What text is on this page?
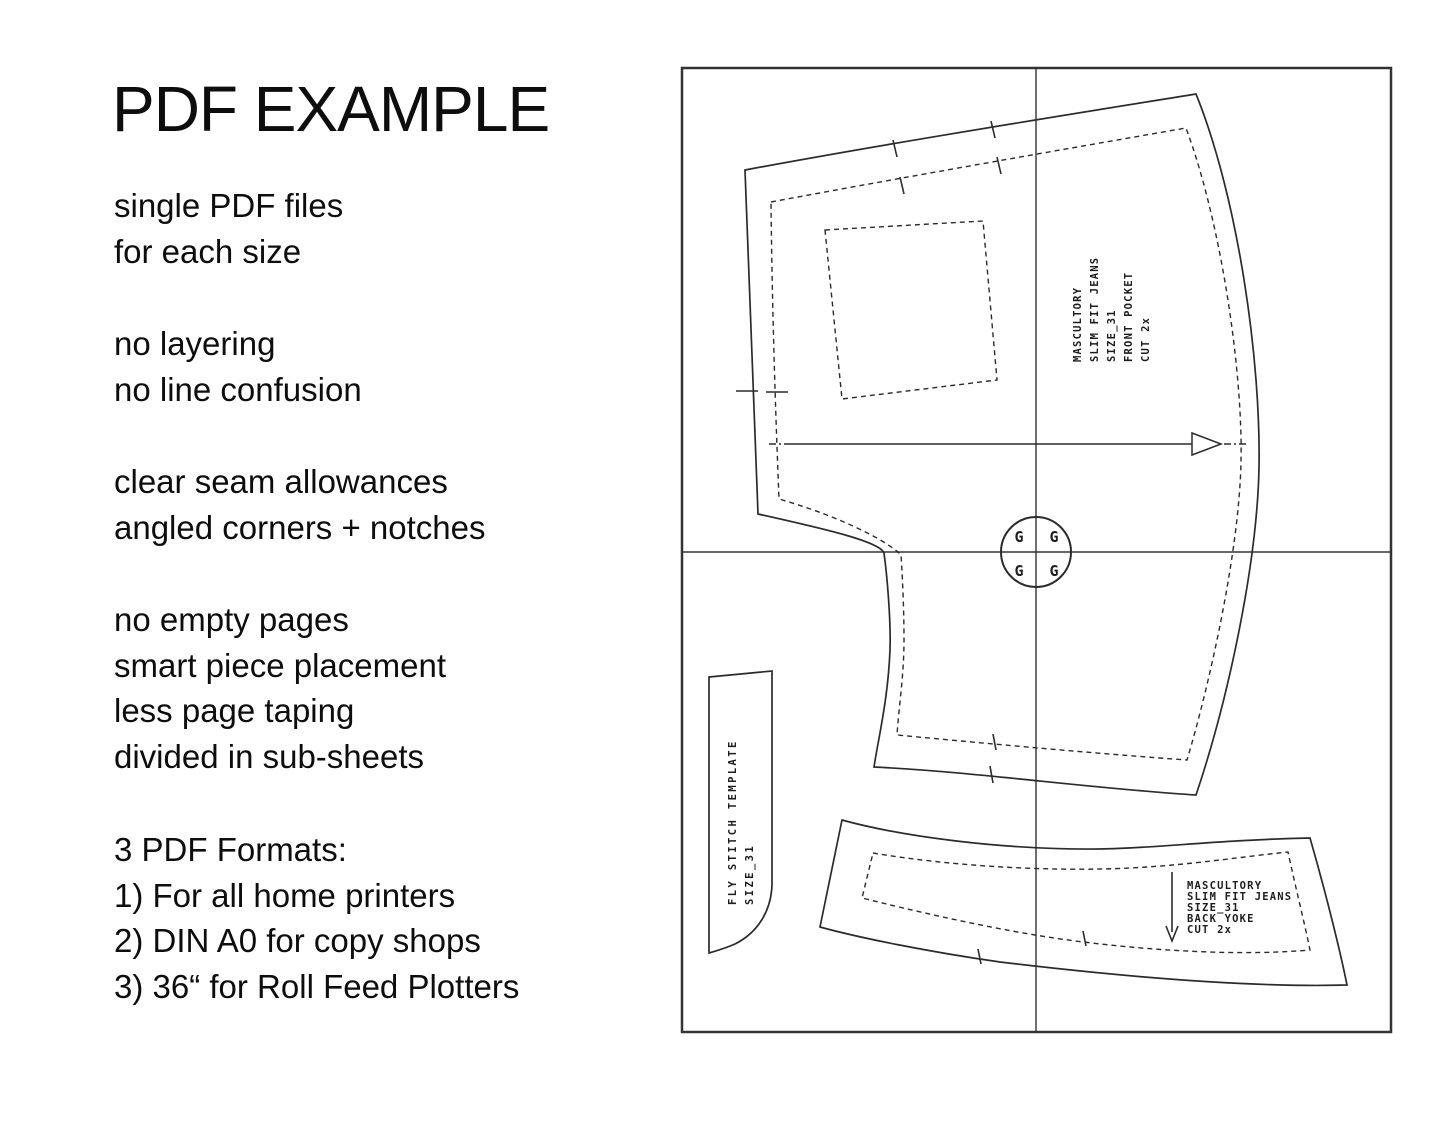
PDF EXAMPLE
single PDF files
for each size
no layering
no line confusion
clear seam allowances
angled corners + notches
no empty pages
smart piece placement
less page taping
divided in sub-sheets
3 PDF Formats:
1) For all home printers
2) DIN A0 for copy shops
3) 36“ for Roll Feed Plotters
MASCULTORY SLIM FIT JEANS SIZE_31 FRONT POCKET CUT 2x
G G
G G
FLY STITCH TEMPLATE SIZE_31	MASCULTORY
SLIM FIT JEANS
SIZE_31
BACK YOKE
CUT 2x
